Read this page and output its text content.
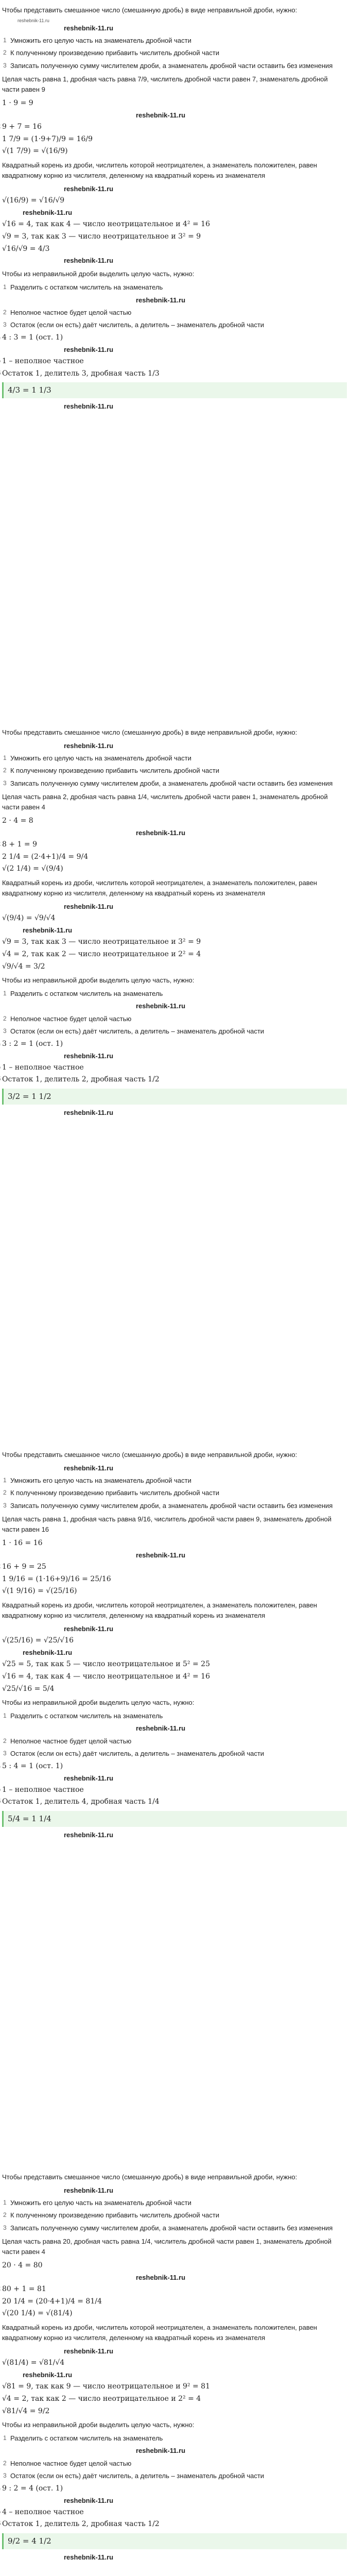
Чтобы представить смешанное число (смешанную дробь) в виде неправильной дроби, нужно:

reshebnik-11.ru
reshebnik-11.ru
1 Умножить его целую часть на знаменатель дробной части
2 К полученному произведению прибавить числитель дробной части
3 Записать полученную сумму числителем дроби, а знаменатель дробной части оставить без изменения

Целая часть равна 1, дробная часть равна 7/9, числитель дробной части равен 7, знаменатель дробной части равен 9

1 · 9 = 9
reshebnik-11.ru
9 + 7 = 16
1 7/9 = (1·9+7)/9 = 16/9
√(1 7/9) = √(16/9)

Квадратный корень из дроби, числитель которой неотрицателен, а знаменатель положителен, равен квадратному корню из числителя, деленному на квадратный корень из знаменателя

reshebnik-11.ru
√(16/9) = √16/√9
reshebnik-11.ru
√16 = 4, так как 4 — число неотрицательное и 4² = 16
√9 = 3, так как 3 — число неотрицательное и 3² = 9
√16/√9 = 4/3
reshebnik-11.ru

Чтобы из неправильной дроби выделить целую часть, нужно:

1 Разделить с остатком числитель на знаменатель
reshebnik-11.ru
2 Неполное частное будет целой частью
3 Остаток (если он есть) даёт числитель, а делитель – знаменатель дробной части
4 : 3 = 1 (ост. 1)
reshebnik-11.ru
1 – неполное частное
Остаток 1, делитель 3, дробная часть 1/3
4/3 = 1 1/3
reshebnik-11.ru

Чтобы представить смешанное число (смешанную дробь) в виде неправильной дроби, нужно:

reshebnik-11.ru
1 Умножить его целую часть на знаменатель дробной части
2 К полученному произведению прибавить числитель дробной части
3 Записать полученную сумму числителем дроби, а знаменатель дробной части оставить без изменения

Целая часть равна 2, дробная часть равна 1/4, числитель дробной части равен 1, знаменатель дробной части равен 4

2 · 4 = 8
reshebnik-11.ru
8 + 1 = 9
2 1/4 = (2·4+1)/4 = 9/4
√(2 1/4) = √(9/4)

Квадратный корень из дроби, числитель которой неотрицателен, а знаменатель положителен, равен квадратному корню из числителя, деленному на квадратный корень из знаменателя

reshebnik-11.ru
√(9/4) = √9/√4
reshebnik-11.ru
√9 = 3, так как 3 — число неотрицательное и 3² = 9
√4 = 2, так как 2 — число неотрицательное и 2² = 4
√9/√4 = 3/2

Чтобы из неправильной дроби выделить целую часть, нужно:

1 Разделить с остатком числитель на знаменатель
reshebnik-11.ru
2 Неполное частное будет целой частью
3 Остаток (если он есть) даёт числитель, а делитель – знаменатель дробной части
3 : 2 = 1 (ост. 1)
reshebnik-11.ru
1 – неполное частное
Остаток 1, делитель 2, дробная часть 1/2
3/2 = 1 1/2
reshebnik-11.ru

Чтобы представить смешанное число (смешанную дробь) в виде неправильной дроби, нужно:

reshebnik-11.ru
1 Умножить его целую часть на знаменатель дробной части
2 К полученному произведению прибавить числитель дробной части
3 Записать полученную сумму числителем дроби, а знаменатель дробной части оставить без изменения

Целая часть равна 1, дробная часть равна 9/16, числитель дробной части равен 9, знаменатель дробной части равен 16

1 · 16 = 16
reshebnik-11.ru
16 + 9 = 25
1 9/16 = (1·16+9)/16 = 25/16
√(1 9/16) = √(25/16)

Квадратный корень из дроби, числитель которой неотрицателен, а знаменатель положителен, равен квадратному корню из числителя, деленному на квадратный корень из знаменателя

reshebnik-11.ru
√(25/16) = √25/√16
reshebnik-11.ru
√25 = 5, так как 5 — число неотрицательное и 5² = 25
√16 = 4, так как 4 — число неотрицательное и 4² = 16
√25/√16 = 5/4

Чтобы из неправильной дроби выделить целую часть, нужно:

1 Разделить с остатком числитель на знаменатель
reshebnik-11.ru
2 Неполное частное будет целой частью
3 Остаток (если он есть) даёт числитель, а делитель – знаменатель дробной части
5 : 4 = 1 (ост. 1)
reshebnik-11.ru
1 – неполное частное
Остаток 1, делитель 4, дробная часть 1/4
5/4 = 1 1/4
reshebnik-11.ru

Чтобы представить смешанное число (смешанную дробь) в виде неправильной дроби, нужно:

reshebnik-11.ru
1 Умножить его целую часть на знаменатель дробной части
2 К полученному произведению прибавить числитель дробной части
3 Записать полученную сумму числителем дроби, а знаменатель дробной части оставить без изменения

Целая часть равна 20, дробная часть равна 1/4, числитель дробной части равен 1, знаменатель дробной части равен 4

20 · 4 = 80
reshebnik-11.ru
80 + 1 = 81
20 1/4 = (20·4+1)/4 = 81/4
√(20 1/4) = √(81/4)

Квадратный корень из дроби, числитель которой неотрицателен, а знаменатель положителен, равен квадратному корню из числителя, деленному на квадратный корень из знаменателя

reshebnik-11.ru
√(81/4) = √81/√4
reshebnik-11.ru
√81 = 9, так как 9 — число неотрицательное и 9² = 81
√4 = 2, так как 2 — число неотрицательное и 2² = 4
√81/√4 = 9/2

Чтобы из неправильной дроби выделить целую часть, нужно:

1 Разделить с остатком числитель на знаменатель
reshebnik-11.ru
2 Неполное частное будет целой частью
3 Остаток (если он есть) даёт числитель, а делитель – знаменатель дробной части
9 : 2 = 4 (ост. 1)
reshebnik-11.ru
4 – неполное частное
Остаток 1, делитель 2, дробная часть 1/2
9/2 = 4 1/2
reshebnik-11.ru
